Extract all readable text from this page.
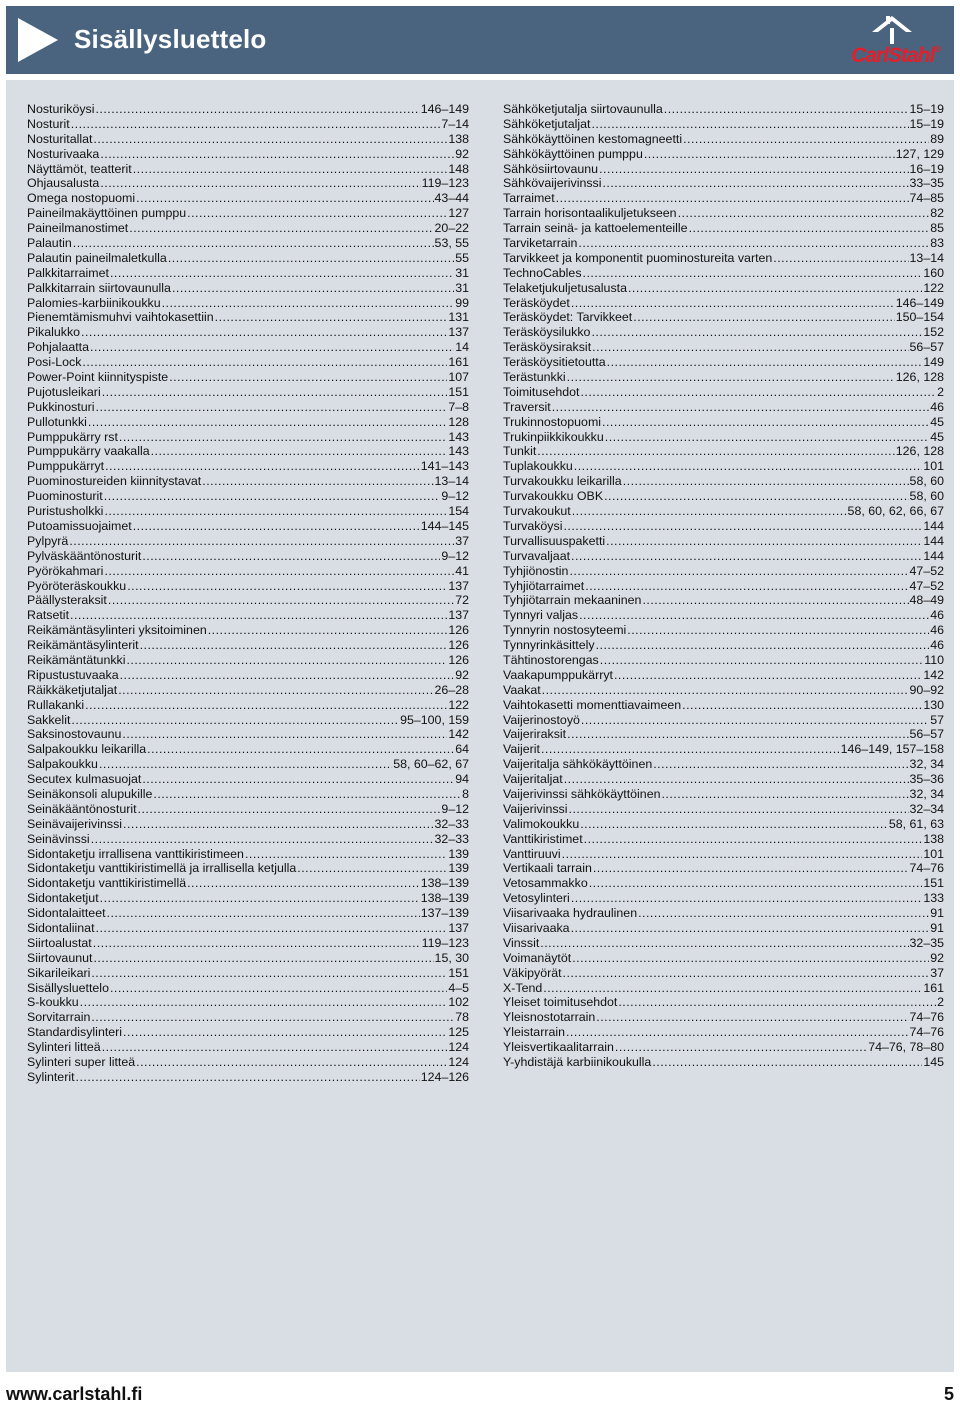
Sisällysluettelo
CarlStahl®
Nosturiköysi .....	146–149
Nosturit .....	7–14
Nosturitallat .....	138
Nosturivaaka .....	92
Näyttämöt, teatterit .....	148
Ohjausalusta .....	119–123
Omega nostopuomi .....	43–44
Paineilmakäyttöinen pumppu .....	127
Paineilmanostimet .....	20–22
Palautin .....	53, 55
Palautin paineilmaletkulla .....	55
Palkkitarraimet .....	31
Palkkitarrain siirtovaunulla .....	31
Palomies-karbiinikoukku .....	99
Pienemtämismuhvi vaihtokasettiin .....	131
Pikalukko .....	137
Pohjalaatta .....	14
Posi-Lock .....	161
Power-Point kiinnityspiste .....	107
Pujotusleikari .....	151
Pukkinosturi .....	7–8
Pullotunkki .....	128
Pumppukärry rst .....	143
Pumppukärry vaakalla .....	143
Pumppukärryt .....	141–143
Puominostureiden kiinnitystavat .....	13–14
Puominosturit .....	9–12
Puristusholkki .....	154
Putoamissuojaimet .....	144–145
Pylpyrä .....	37
Pylväskääntönosturit .....	9–12
Pyörökahmari .....	41
Pyöröteräskoukku .....	137
Päällysteraksit .....	72
Ratsetit .....	137
Reikämäntäsylinteri yksitoiminen .....	126
Reikämäntäsylinterit .....	126
Reikämäntätunkki .....	126
Ripustustuvaaka .....	92
Räikkäketjutaljat .....	26–28
Rullakanki .....	122
Sakkelit .....	95–100, 159
Saksinostovaunu .....	142
Salpakoukku leikarilla .....	64
Salpakoukku .....	58, 60–62, 67
Secutex kulmasuojat .....	94
Seinäkonsoli alupukille .....	8
Seinäkääntönosturit .....	9–12
Seinävaijerivinssi .....	32–33
Seinävinssi .....	32–33
Sidontaketju irrallisena vanttikiristimeen .....	139
Sidontaketju vanttikiristimellä ja irrallisella ketjulla .....	139
Sidontaketju vanttikiristimellä .....	138–139
Sidontaketjut .....	138–139
Sidontalaitteet .....	137–139
Sidontaliinat .....	137
Siirtoalustat .....	119–123
Siirtovaunut .....	15, 30
Sikarileikari .....	151
Sisällysluettelo .....	4–5
S-koukku .....	102
Sorvitarrain .....	78
Standardisylinteri .....	125
Sylinteri litteä .....	124
Sylinteri super litteä .....	124
Sylinterit .....	124–126
Sähköketjutalja siirtovaunulla .....	15–19
Sähköketjutaljat .....	15–19
Sähkökäyttöinen kestomagneetti .....	89
Sähkökäyttöinen pumppu .....	127, 129
Sähkösiirtovaunu .....	16–19
Sähkövaijerivinssi .....	33–35
Tarraimet .....	74–85
Tarrain horisontaalikuljetukseen .....	82
Tarrain seinä- ja kattoelementeille .....	85
Tarviketarrain .....	83
Tarvikkeet ja komponentit puominostureita varten .....	13–14
TechnoCables .....	160
Telaketjukuljetusalusta .....	122
Teräsköydet .....	146–149
Teräsköydet: Tarvikkeet .....	150–154
Teräsköysilukko .....	152
Teräsköysiraksit .....	56–57
Teräsköysitietoutta .....	149
Terästunkki .....	126, 128
Toimitusehdot .....	2
Traversit .....	46
Trukinnostopuomi .....	45
Trukinpiikkikoukku .....	45
Tunkit .....	126, 128
Tuplakoukku .....	101
Turvakoukku leikarilla .....	58, 60
Turvakoukku OBK .....	58, 60
Turvakoukut .....	58, 60, 62, 66, 67
Turvaköysi .....	144
Turvallisuuspaketti .....	144
Turvavaljaat .....	144
Tyhjiönostin .....	47–52
Tyhjiötarraimet .....	47–52
Tyhjiötarrain mekaaninen .....	48–49
Tynnyri valjas .....	46
Tynnyrin nostosyteemi .....	46
Tynnyrinkäsittely .....	46
Tähtinostorengas .....	110
Vaakapumppukärryt .....	142
Vaakat .....	90–92
Vaihtokasetti momenttiavaimeen .....	130
Vaijerinostoyö .....	57
Vaijeriraksit .....	56–57
Vaijerit .....	146–149, 157–158
Vaijeritalja sähkökäyttöinen .....	32, 34
Vaijeritaljat .....	35–36
Vaijerivinssi sähkökäyttöinen .....	32, 34
Vaijerivinssi .....	32–34
Valimokoukku .....	58, 61, 63
Vanttikiristimet .....	138
Vanttiruuvi .....	101
Vertikaali tarrain .....	74–76
Vetosammakko .....	151
Vetosylinteri .....	133
Viisarivaaka hydraulinen .....	91
Viisarivaaka .....	91
Vinssit .....	32–35
Voimanäytöt .....	92
Väkipyörät .....	37
X-Tend .....	161
Yleiset toimitusehdot .....	2
Yleisnostotarrain .....	74–76
Yleistarrain .....	74–76
Yleisvertikaalitarrain .....	74–76, 78–80
Y-yhdistäjä karbiinikoukulla .....	145
www.carlstahl.fi	5
